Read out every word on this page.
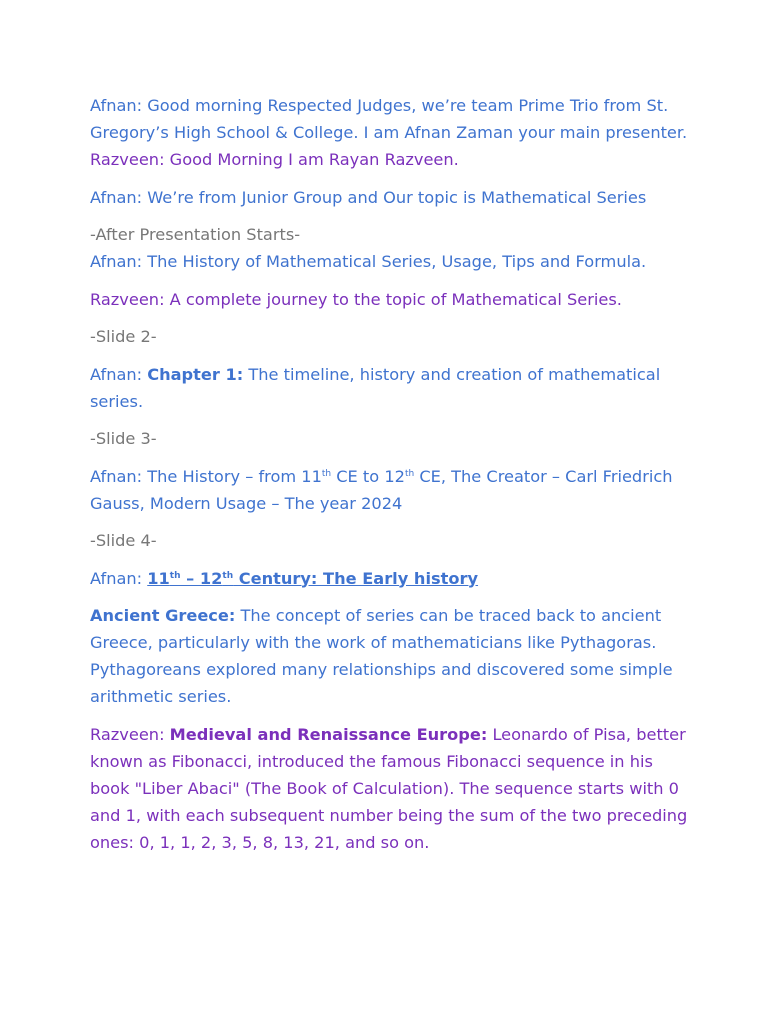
Afnan: Good morning Respected Judges, we’re team Prime Trio from St. Gregory’s High School & College. I am Afnan Zaman your main presenter.

Razveen: Good Morning I am Rayan Razveen.

Afnan: We’re from Junior Group and Our topic is Mathematical Series

-After Presentation Starts-

Afnan: The History of Mathematical Series, Usage, Tips and Formula.

Razveen: A complete journey to the topic of Mathematical Series.

-Slide 2-

Afnan: Chapter 1: The timeline, history and creation of mathematical series.

-Slide 3-

Afnan: The History – from 11th CE to 12th CE, The Creator – Carl Friedrich Gauss, Modern Usage – The year 2024

-Slide 4-

Afnan: 11th – 12th Century: The Early history

Ancient Greece: The concept of series can be traced back to ancient Greece, particularly with the work of mathematicians like Pythagoras. Pythagoreans explored many relationships and discovered some simple arithmetic series.

Razveen: Medieval and Renaissance Europe: Leonardo of Pisa, better known as Fibonacci, introduced the famous Fibonacci sequence in his book "Liber Abaci" (The Book of Calculation). The sequence starts with 0 and 1, with each subsequent number being the sum of the two preceding ones: 0, 1, 1, 2, 3, 5, 8, 13, 21, and so on.
